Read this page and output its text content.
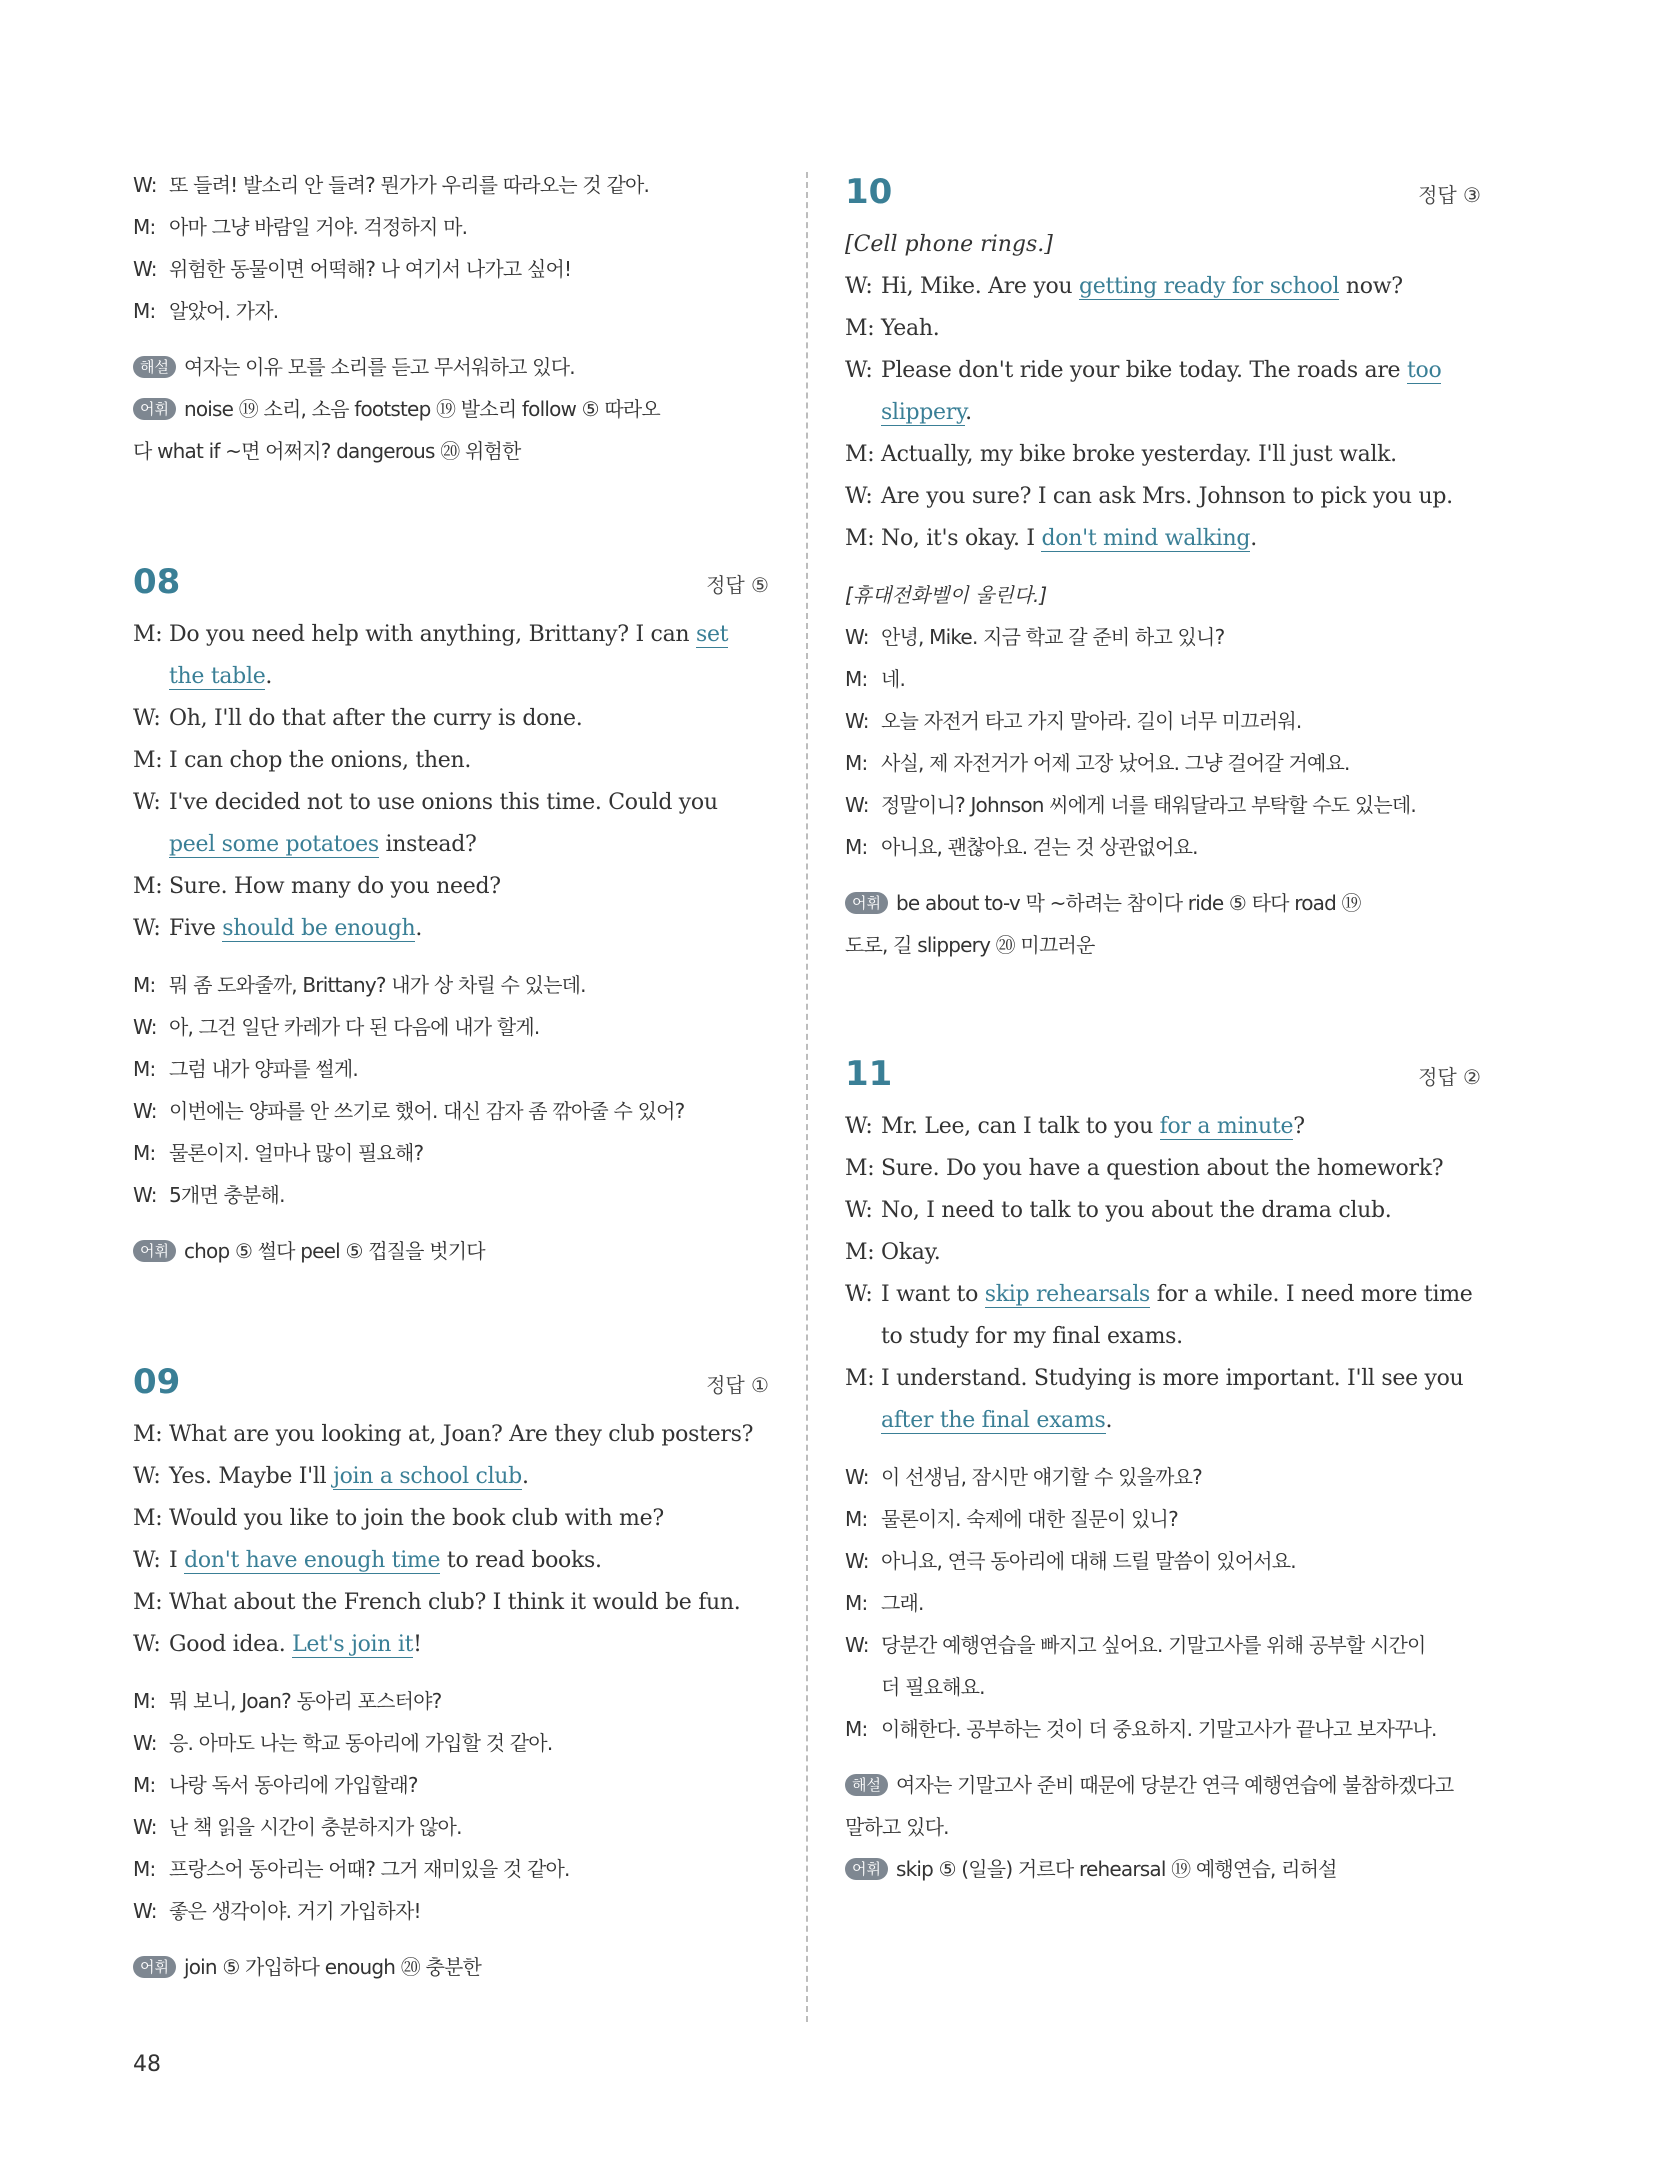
W: 또 들려! 발소리 안 들려? 뭔가가 우리를 따라오는 것 같아.
M: 아마 그냥 바람일 거야. 걱정하지 마.
W: 위험한 동물이면 어떡해? 나 여기서 나가고 싶어!
M: 알았어. 가자.
해설 여자는 이유 모를 소리를 듣고 무서워하고 있다.
어휘 noise ⑲ 소리, 소음 footstep ⑲ 발소리 follow ⑤ 따라오
다 what if ~면 어쩌지? dangerous ⑳ 위험한
08	정답 ⑤
M: Do you need help with anything, Brittany? I can set
the table.
W: Oh, I'll do that after the curry is done.
M: I can chop the onions, then.
W: I've decided not to use onions this time. Could you
peel some potatoes instead?
M: Sure. How many do you need?
W: Five should be enough.
M: 뭐 좀 도와줄까, Brittany? 내가 상 차릴 수 있는데.
W: 아, 그건 일단 카레가 다 된 다음에 내가 할게.
M: 그럼 내가 양파를 썰게.
W: 이번에는 양파를 안 쓰기로 했어. 대신 감자 좀 깎아줄 수 있어?
M: 물론이지. 얼마나 많이 필요해?
W: 5개면 충분해.
어휘 chop ⑤ 썰다 peel ⑤ 껍질을 벗기다
09	정답 ①
M: What are you looking at, Joan? Are they club posters?
W: Yes. Maybe I'll join a school club.
M: Would you like to join the book club with me?
W: I don't have enough time to read books.
M: What about the French club? I think it would be fun.
W: Good idea. Let's join it!
M: 뭐 보니, Joan? 동아리 포스터야?
W: 응. 아마도 나는 학교 동아리에 가입할 것 같아.
M: 나랑 독서 동아리에 가입할래?
W: 난 책 읽을 시간이 충분하지가 않아.
M: 프랑스어 동아리는 어때? 그거 재미있을 것 같아.
W: 좋은 생각이야. 거기 가입하자!
어휘 join ⑤ 가입하다 enough ⑳ 충분한
10	정답 ③
[Cell phone rings.]
W: Hi, Mike. Are you getting ready for school now?
M: Yeah.
W: Please don't ride your bike today. The roads are too
slippery.
M: Actually, my bike broke yesterday. I'll just walk.
W: Are you sure? I can ask Mrs. Johnson to pick you up.
M: No, it's okay. I don't mind walking.
[휴대전화벨이 울린다.]
W: 안녕, Mike. 지금 학교 갈 준비 하고 있니?
M: 네.
W: 오늘 자전거 타고 가지 말아라. 길이 너무 미끄러워.
M: 사실, 제 자전거가 어제 고장 났어요. 그냥 걸어갈 거예요.
W: 정말이니? Johnson 씨에게 너를 태워달라고 부탁할 수도 있는데.
M: 아니요, 괜찮아요. 걷는 것 상관없어요.
어휘 be about to-v 막 ~하려는 참이다 ride ⑤ 타다 road ⑲
도로, 길 slippery ⑳ 미끄러운
11	정답 ②
W: Mr. Lee, can I talk to you for a minute?
M: Sure. Do you have a question about the homework?
W: No, I need to talk to you about the drama club.
M: Okay.
W: I want to skip rehearsals for a while. I need more time
to study for my final exams.
M: I understand. Studying is more important. I'll see you
after the final exams.
W: 이 선생님, 잠시만 얘기할 수 있을까요?
M: 물론이지. 숙제에 대한 질문이 있니?
W: 아니요, 연극 동아리에 대해 드릴 말씀이 있어서요.
M: 그래.
W: 당분간 예행연습을 빠지고 싶어요. 기말고사를 위해 공부할 시간이
더 필요해요.
M: 이해한다. 공부하는 것이 더 중요하지. 기말고사가 끝나고 보자꾸나.
해설 여자는 기말고사 준비 때문에 당분간 연극 예행연습에 불참하겠다고
말하고 있다.
어휘 skip ⑤ (일을) 거르다 rehearsal ⑲ 예행연습, 리허설
48
